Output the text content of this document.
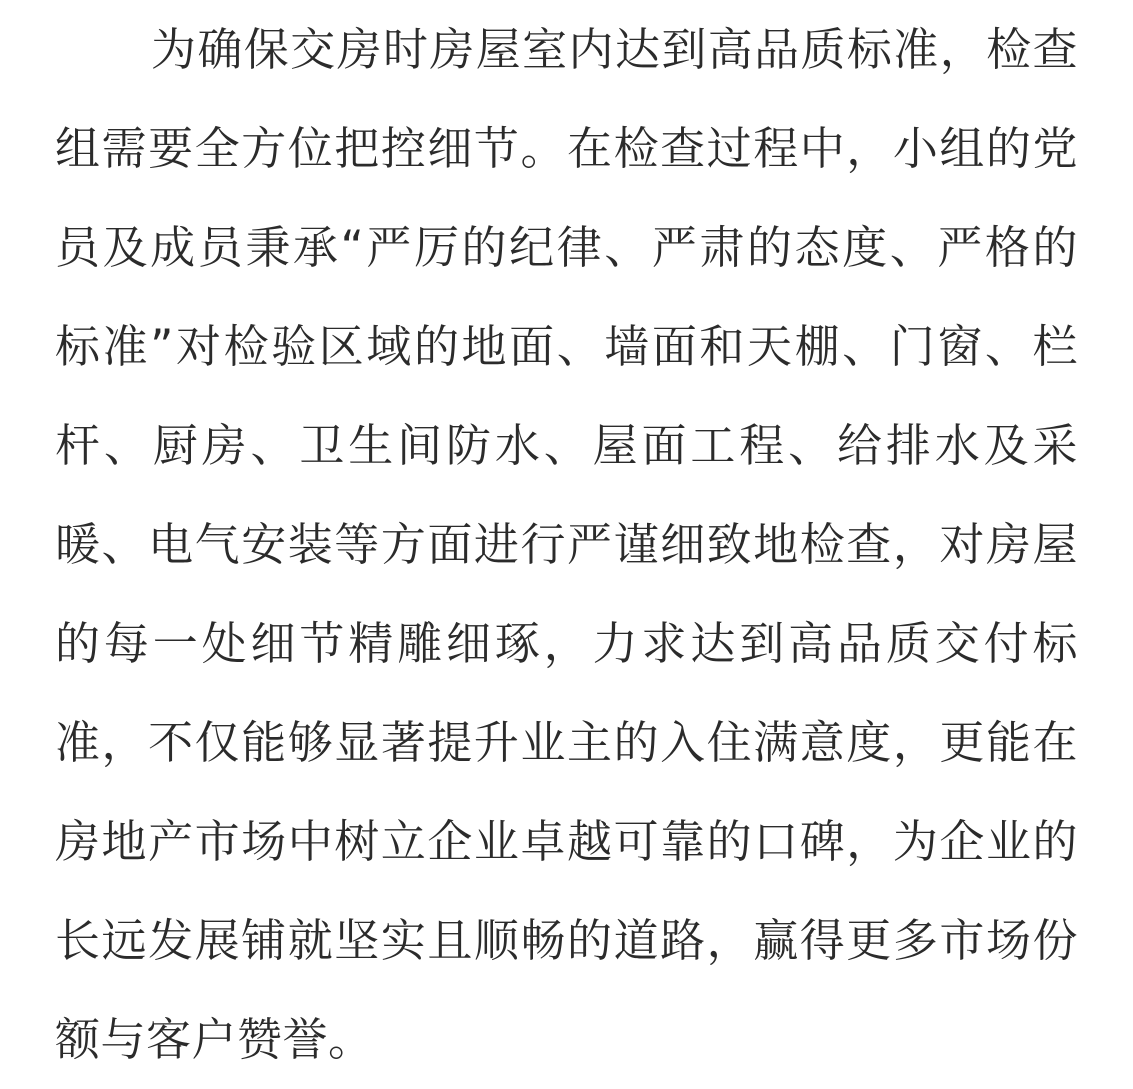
为确保交房时房屋室内达到高品质标准，检查组需要全方位把控细节。在检查过程中，小组的党员及成员秉承“严厉的纪律、严肃的态度、严格的标准”对检验区域的地面、墙面和天棚、门窗、栏杆、厨房、卫生间防水、屋面工程、给排水及采暖、电气安装等方面进行严谨细致地检查，对房屋的每一处细节精雕细琢，力求达到高品质交付标准，不仅能够显著提升业主的入住满意度，更能在房地产市场中树立企业卓越可靠的口碑，为企业的长远发展铺就坚实且顺畅的道路，赢得更多市场份额与客户赞誉。
